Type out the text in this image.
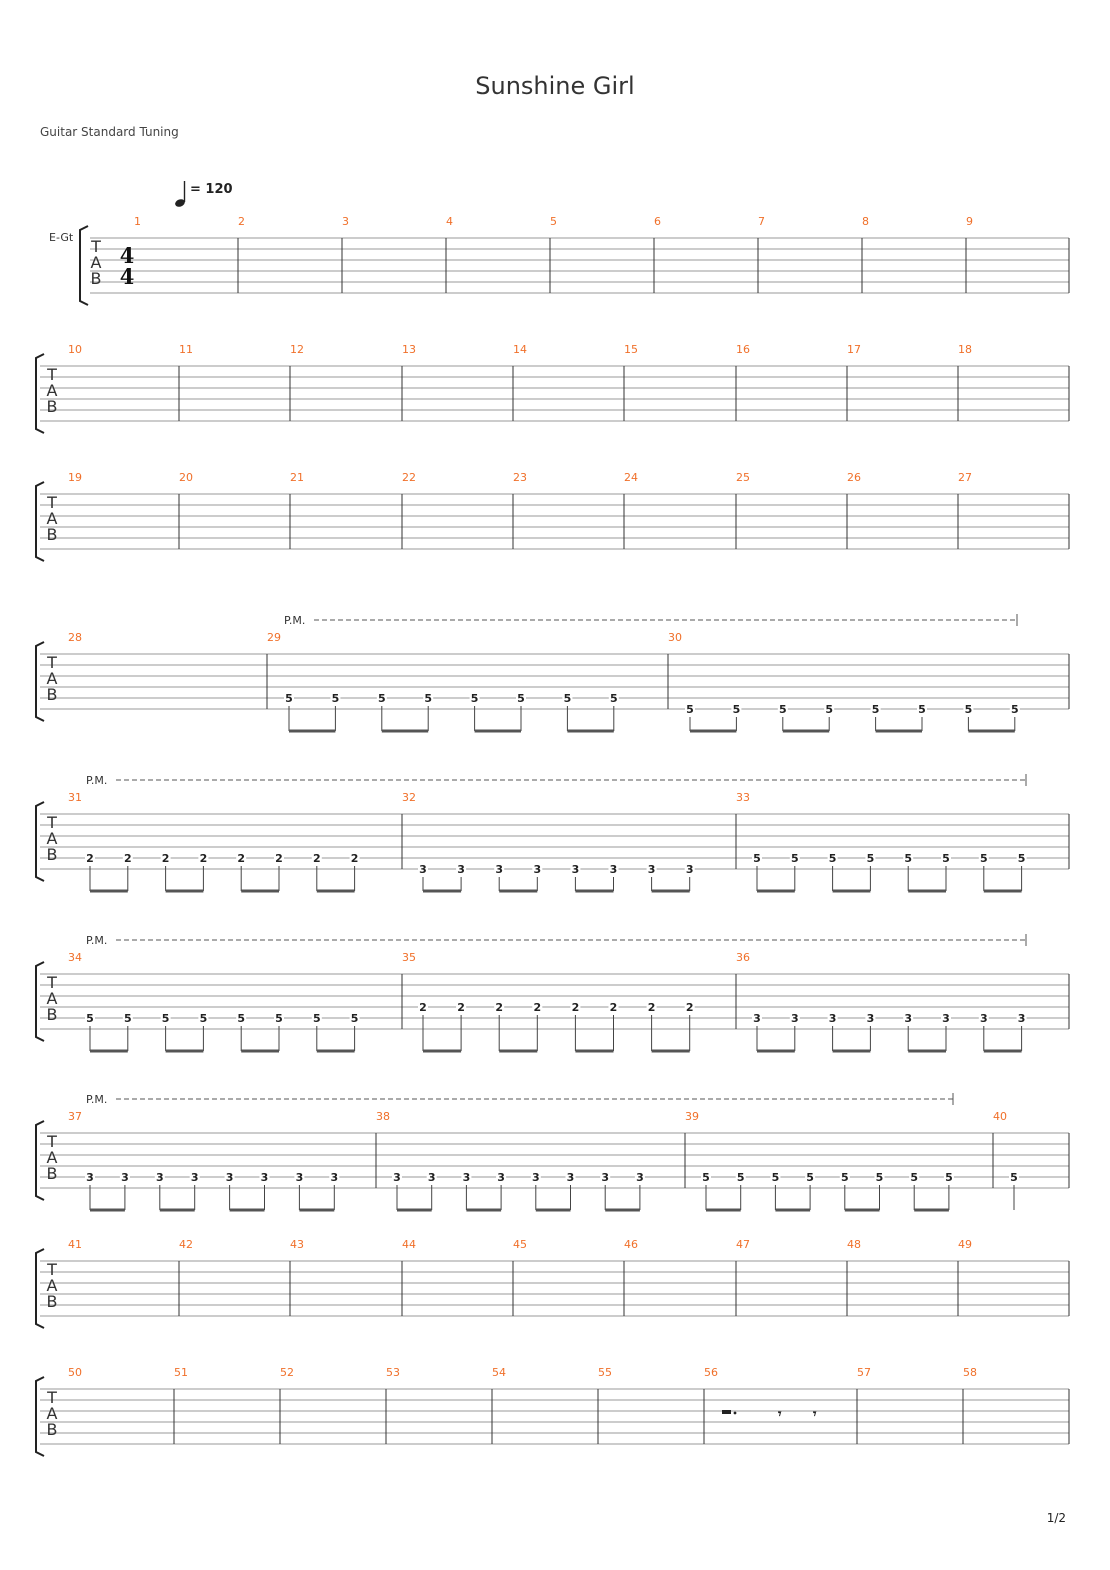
Sunshine Girl
Guitar Standard Tuning
1/2
T
A
B
1	2	3	4	5	6	7	8	9
T
A
B
10	11	12	13	14	15	16	17	18
T
A
B
19	20	21	22	23	24	25	26	27
T
A
B
28	29
5	5	5	5	5	5	5	5
30
5	5	5	5	5	5	5	5
P.M.
T
A
B
31
2	2	2	2	2	2	2	2
32
3	3	3	3	3	3	3	3
33
5	5	5	5	5	5	5	5
P.M.
T
A
B
34
5	5	5	5	5	5	5	5
35
2	2	2	2	2	2	2	2
36
3	3	3	3	3	3	3	3
P.M.
T
A
B
37
3 3 3 3 3 3 3 3
38
3 3 3 3 3 3 3 3
39
5 5 5 5 5 5 5 5
40
5
P.M.
T
A
B
41	42	43	44	45	46	47	48	49
T
A
B
50	51	52	53	54	55	56
𝄾 𝄾
57	58
E-Gt
4
4
= 120
